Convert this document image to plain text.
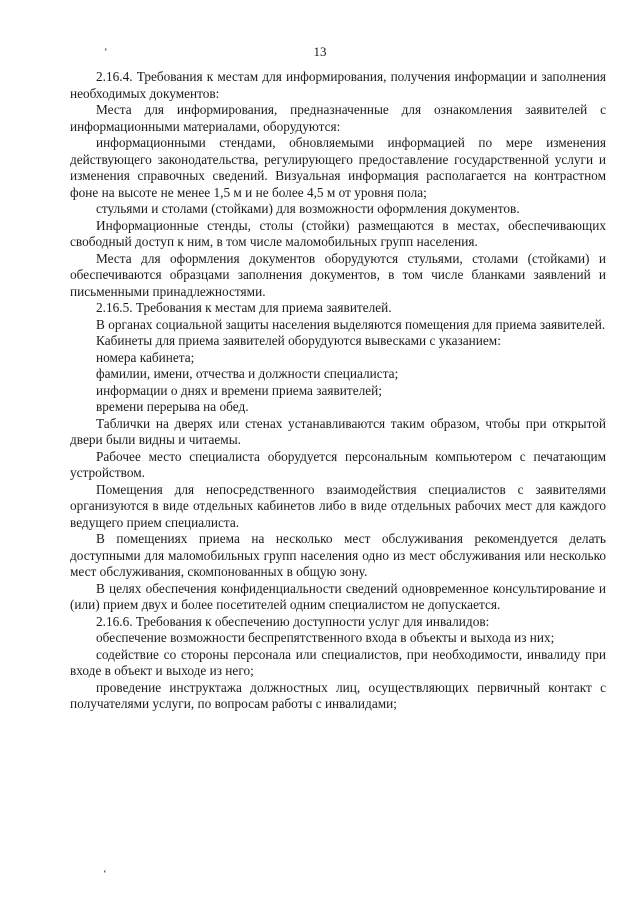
ʻ	13

2.16.4. Требования к местам для информирования, получения информации и заполнения необходимых документов:

Места для информирования, предназначенные для ознакомления заявителей с информационными материалами, оборудуются:

информационными стендами, обновляемыми информацией по мере изменения действующего законодательства, регулирующего предоставление государственной услуги и изменения справочных сведений. Визуальная информация располагается на контрастном фоне на высоте не менее 1,5 м и не более 4,5 м от уровня пола;

стульями и столами (стойками) для возможности оформления документов.

Информационные стенды, столы (стойки) размещаются в местах, обеспечивающих свободный доступ к ним, в том числе маломобильных групп населения.

Места для оформления документов оборудуются стульями, столами (стойками) и обеспечиваются образцами заполнения документов, в том числе бланками заявлений и письменными принадлежностями.

2.16.5. Требования к местам для приема заявителей.

В органах социальной защиты населения выделяются помещения для приема заявителей.

Кабинеты для приема заявителей оборудуются вывесками с указанием:

номера кабинета;

фамилии, имени, отчества и должности специалиста;

информации о днях и времени приема заявителей;

времени перерыва на обед.

Таблички на дверях или стенах устанавливаются таким образом, чтобы при открытой двери были видны и читаемы.

Рабочее место специалиста оборудуется персональным компьютером с печатающим устройством.

Помещения для непосредственного взаимодействия специалистов с заявителями организуются в виде отдельных кабинетов либо в виде отдельных рабочих мест для каждого ведущего прием специалиста.

В помещениях приема на несколько мест обслуживания рекомендуется делать доступными для маломобильных групп населения одно из мест обслуживания или несколько мест обслуживания, скомпонованных в общую зону.

В целях обеспечения конфиденциальности сведений одновременное консультирование и (или) прием двух и более посетителей одним специалистом не допускается.

2.16.6. Требования к обеспечению доступности услуг для инвалидов:

обеспечение возможности беспрепятственного входа в объекты и выхода из них;

содействие со стороны персонала или специалистов, при необходимости, инвалиду при входе в объект и выходе из него;

проведение инструктажа должностных лиц, осуществляющих первичный контакт с получателями услуги, по вопросам работы с инвалидами;

ʻ
